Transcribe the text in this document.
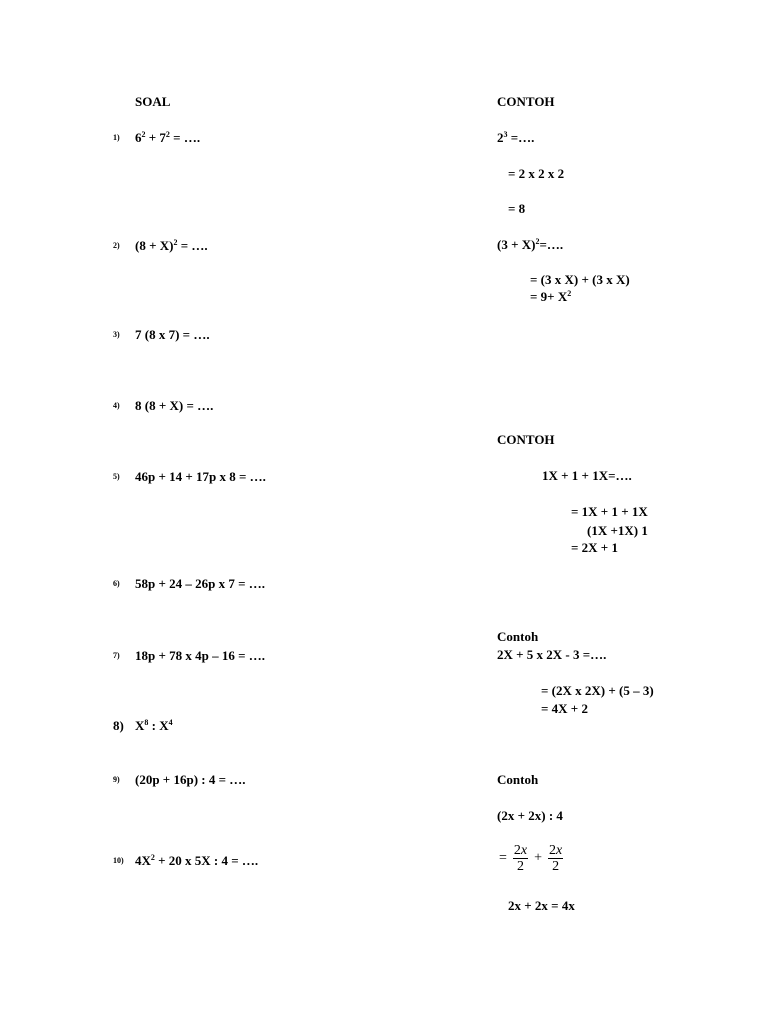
SOAL	CONTOH
1) $6^2 + 7^2$ = ….
2) $(8 + X)^2$ = ….
3) 7 (8 x 7) = ….
4) 8 (8 + X) = ….
5) 46p + 14 + 17p x 8 = ….
6) 58p + 24 – 26p x 7 = ….
7) 18p + 78 x 4p – 16 = ….
8) $X^8$ : $X^4$
9) (20p + 16p) : 4 = ….
10) $4X^2 + 20$ x 5X : 4 = ….
$2^3$ =….
= 2 x 2 x 2
= 8
$(3 + X)^2=\dots$.
= (3 x X) + (3 x X)
= $9+ X^2$
CONTOH
1X + 1 + 1X=….
= 1X + 1 + 1X
(1X +1X) 1
= 2X + 1
Contoh
2X + 5 x 2X - 3 =….
= (2X x 2X) + (5 – 3)
= 4X + 2
Contoh
(2x + 2x) : 4
= $\frac{2x}{2} + \frac{2x}{2}$
2x + 2x = 4x
